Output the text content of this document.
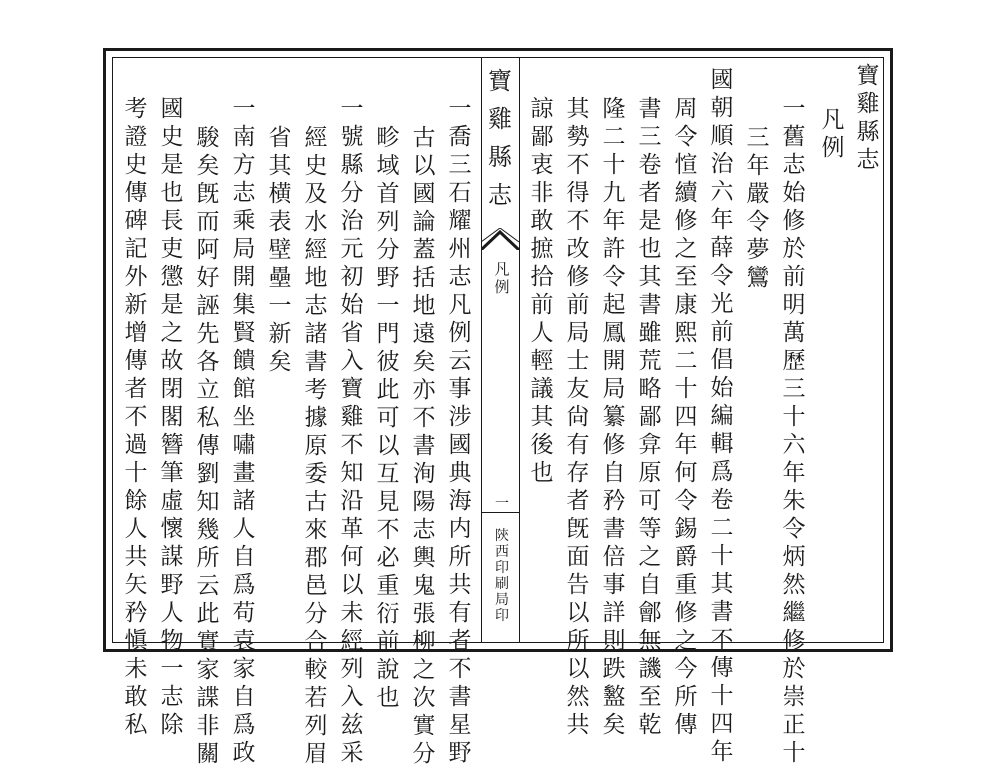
寶雞縣志
凡例
一舊志始修於前明萬歷三十六年朱令炳然繼修於崇正十
三年嚴令夢鸞
國朝順治六年薛令光前倡始編輯爲卷二十其書不傳十四年
周令愃續修之至康熙二十四年何令錫爵重修之今所傳
書三卷者是也其書雖荒略鄙弇原可等之自鄶無譏至乾
隆二十九年許令起鳳開局纂修自矜書倍事詳則跌盭矣
其勢不得不改修前局士友尙有存者旣面告以所以然共
諒鄙衷非敢摭拾前人輕議其後也
寶雞縣志
凡例
一
陝西印刷局印
一喬三石耀州志凡例云事涉國典海内所共有者不書星野
古以國論蓋括地遠矣亦不書洵陽志輿鬼張柳之次實分
畛域首列分野一門彼此可以互見不必重衍前說也
一號縣分治元初始省入寶雞不知沿革何以未經列入兹采
經史及水經地志諸書考據原委古來郡邑分合較若列眉
省其横表壁壘一新矣
一南方志乘局開集賢饋館坐嘯畫諸人自爲苟袁家自爲政
駿矣旣而阿好誣先各立私傳劉知幾所云此實家諜非關
國史是也長吏懲是之故閉閣簪筆虛懷謀野人物一志除
考證史傳碑記外新增傳者不過十餘人共矢矜愼未敢私
